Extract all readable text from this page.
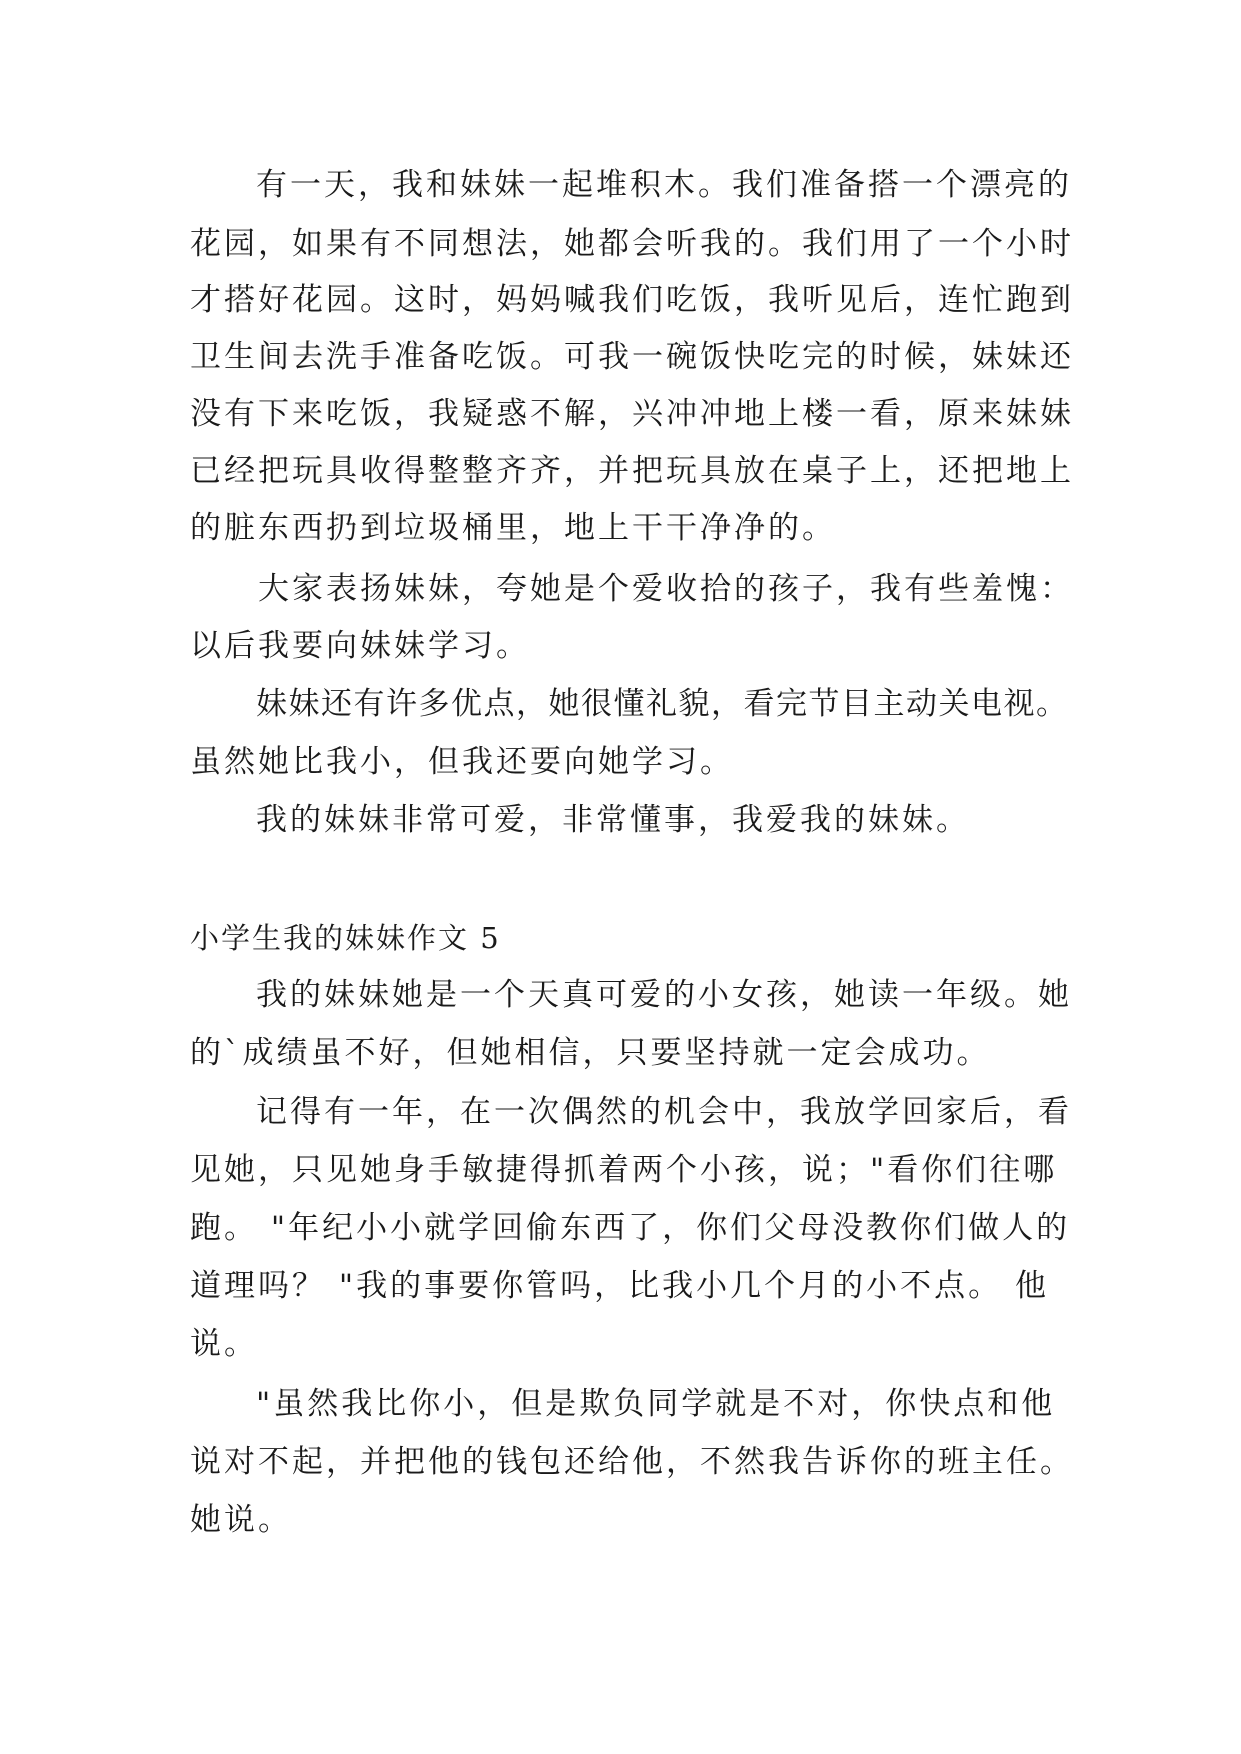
有一天，我和妹妹一起堆积木。我们准备搭一个漂亮的
花园，如果有不同想法，她都会听我的。我们用了一个小时
才搭好花园。这时，妈妈喊我们吃饭，我听见后，连忙跑到
卫生间去洗手准备吃饭。可我一碗饭快吃完的时候，妹妹还
没有下来吃饭，我疑惑不解，兴冲冲地上楼一看，原来妹妹
已经把玩具收得整整齐齐，并把玩具放在桌子上，还把地上
的脏东西扔到垃圾桶里，地上干干净净的。
大家表扬妹妹，夸她是个爱收拾的孩子，我有些羞愧：
以后我要向妹妹学习。
妹妹还有许多优点，她很懂礼貌，看完节目主动关电视。
虽然她比我小，但我还要向她学习。
我的妹妹非常可爱，非常懂事，我爱我的妹妹。
小学生我的妹妹作文 5
我的妹妹她是一个天真可爱的小女孩，她读一年级。她
的`成绩虽不好，但她相信，只要坚持就一定会成功。
记得有一年，在一次偶然的机会中，我放学回家后，看
见她，只见她身手敏捷得抓着两个小孩，说；"看你们往哪
跑。 "年纪小小就学回偷东西了，你们父母没教你们做人的
道理吗？ "我的事要你管吗，比我小几个月的小不点。 他
说。
"虽然我比你小，但是欺负同学就是不对，你快点和他
说对不起，并把他的钱包还给他，不然我告诉你的班主任。
她说。
